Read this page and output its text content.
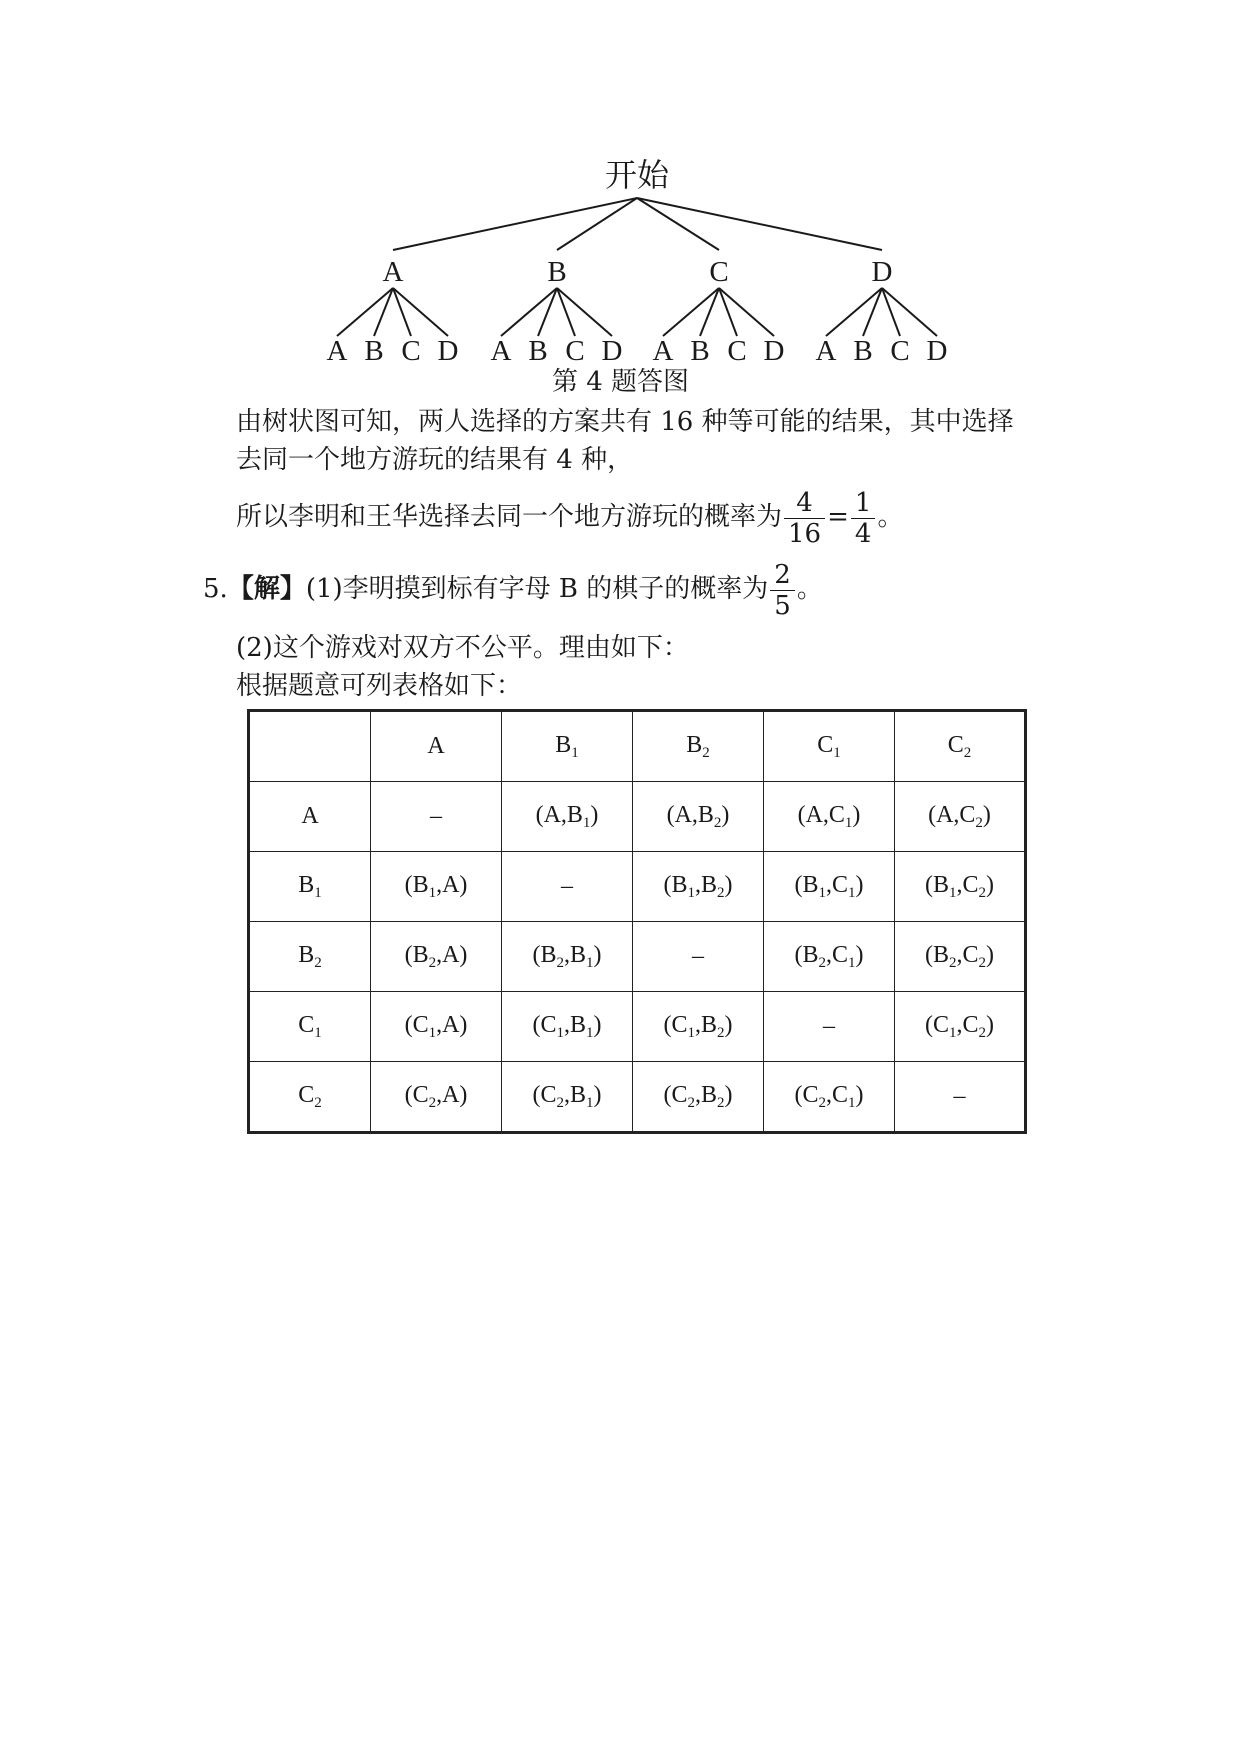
开始
A
A B C D
B
A B C D
C
A B C D
D
A B C D
第 4 题答图
由树状图可知，两人选择的方案共有 16 种等可能的结果，其中选择
去同一个地方游玩的结果有 4 种，
所以李明和王华选择去同一个地方游玩的概率为 $\frac{4}{16} = \frac{1}{4}$ 。
5.【解】(1)李明摸到标有字母 B 的棋子的概率为 $\frac{2}{5}$ 。
(2)这个游戏对双方不公平。理由如下：
根据题意可列表格如下：
	A	$B_1$	$B_2$	$C_1$	$C_2$
A	–	$(A,B_1)$	$(A,B_2)$	$(A,C_1)$	$(A,C_2)$
$B_1$	$(B_1,A)$	–	$(B_1,B_2)$	$(B_1,C_1)$	$(B_1,C_2)$
$B_2$	$(B_2,A)$	$(B_2,B_1)$	–	$(B_2,C_1)$	$(B_2,C_2)$
$C_1$	$(C_1,A)$	$(C_1,B_1)$	$(C_1,B_2)$	–	$(C_1,C_2)$
$C_2$	$(C_2,A)$	$(C_2,B_1)$	$(C_2,B_2)$	$(C_2,C_1)$	–
